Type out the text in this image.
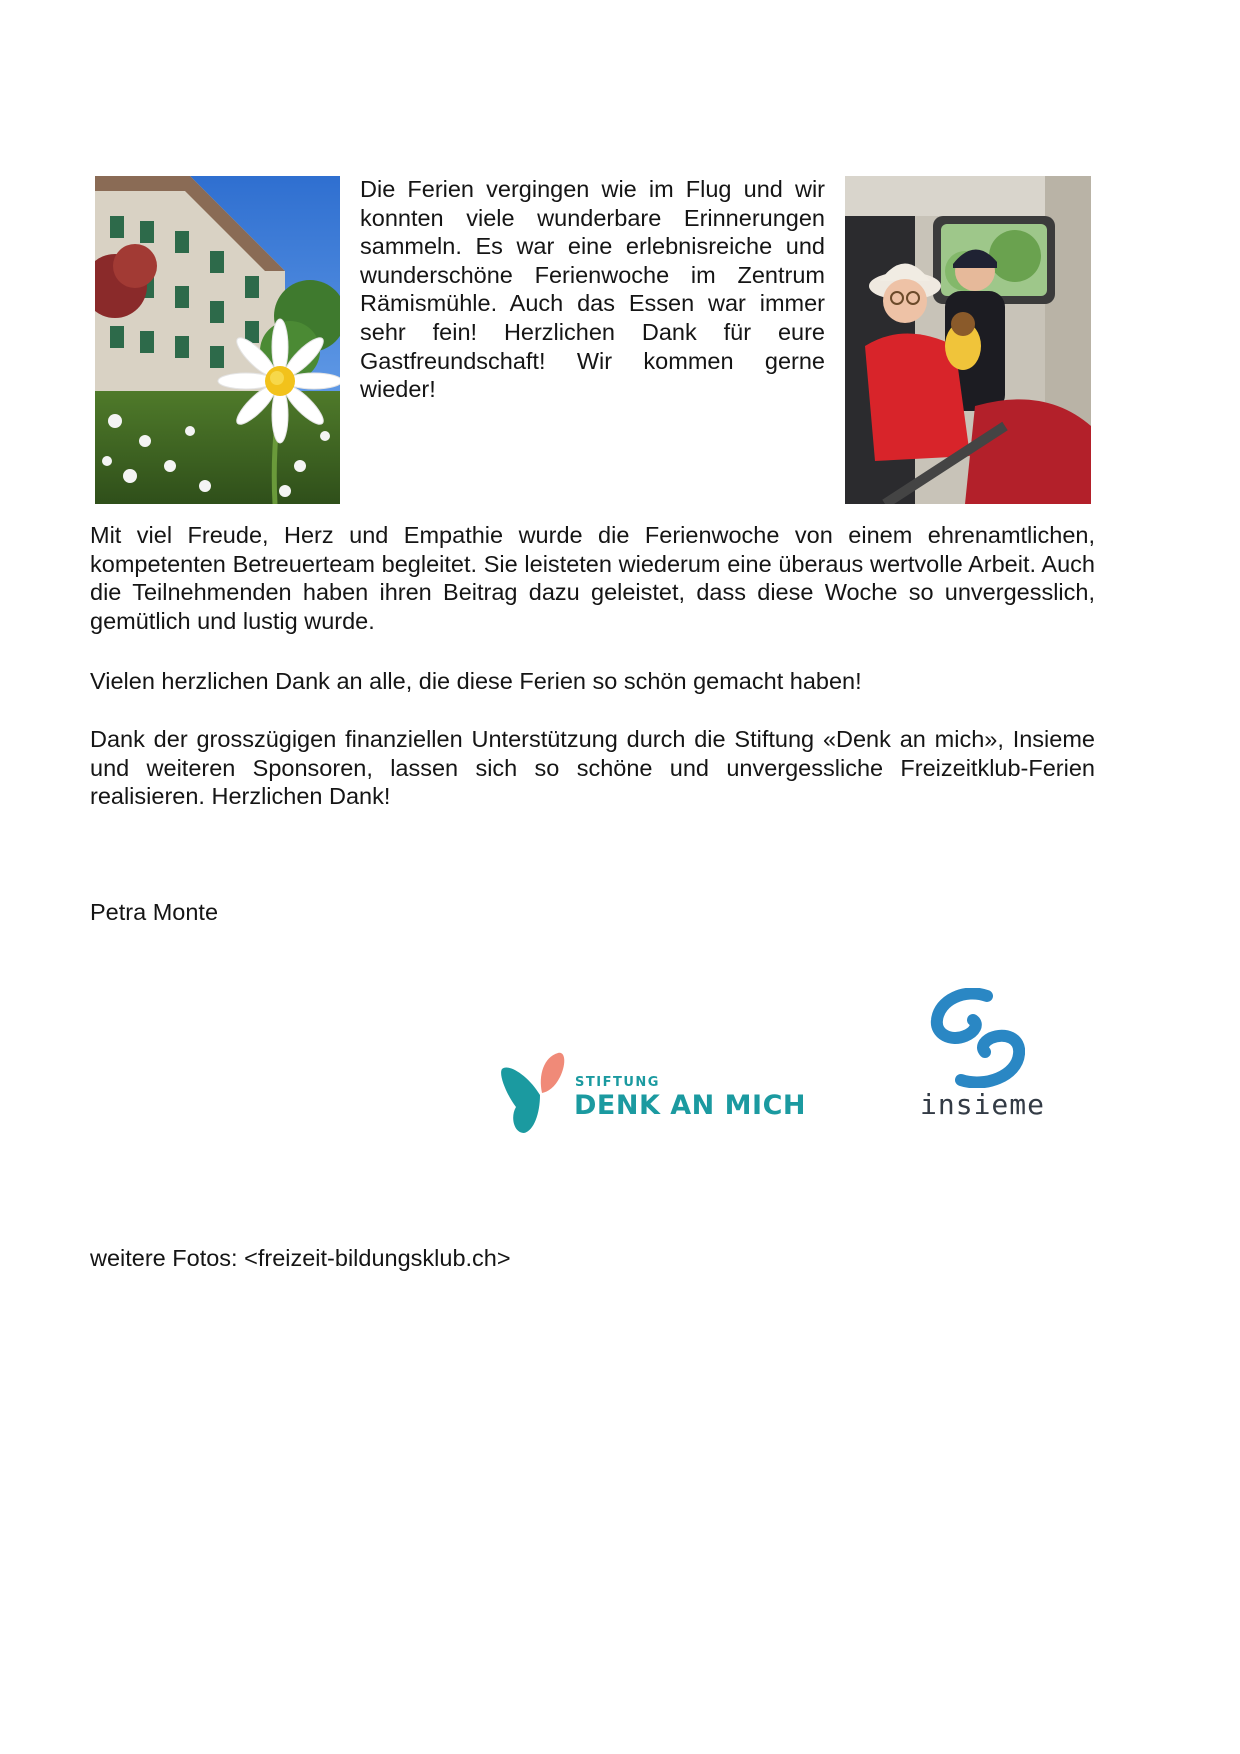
Die Ferien vergingen wie im Flug und wir konnten viele wunderbare Erinnerungen sammeln. Es war eine erlebnisreiche und wunderschöne Ferienwoche im Zentrum Rämismühle. Auch das Essen war immer sehr fein! Herzlichen Dank für eure Gastfreundschaft! Wir kommen gerne wieder!
Mit viel Freude, Herz und Empathie wurde die Ferienwoche von einem ehrenamtlichen, kompetenten Betreuerteam begleitet. Sie leisteten wiederum eine überaus wertvolle Arbeit. Auch die Teilnehmenden haben ihren Beitrag dazu geleistet, dass diese Woche so unvergesslich, gemütlich und lustig wurde.
Vielen herzlichen Dank an alle, die diese Ferien so schön gemacht haben!
Dank der grosszügigen finanziellen Unterstützung durch die Stiftung «Denk an mich», Insieme und weiteren Sponsoren, lassen sich so schöne und unvergessliche Freizeitklub-Ferien realisieren. Herzlichen Dank!
Petra Monte
STIFTUNG
DENK AN MICH	insieme
weitere Fotos: <freizeit-bildungsklub.ch>
